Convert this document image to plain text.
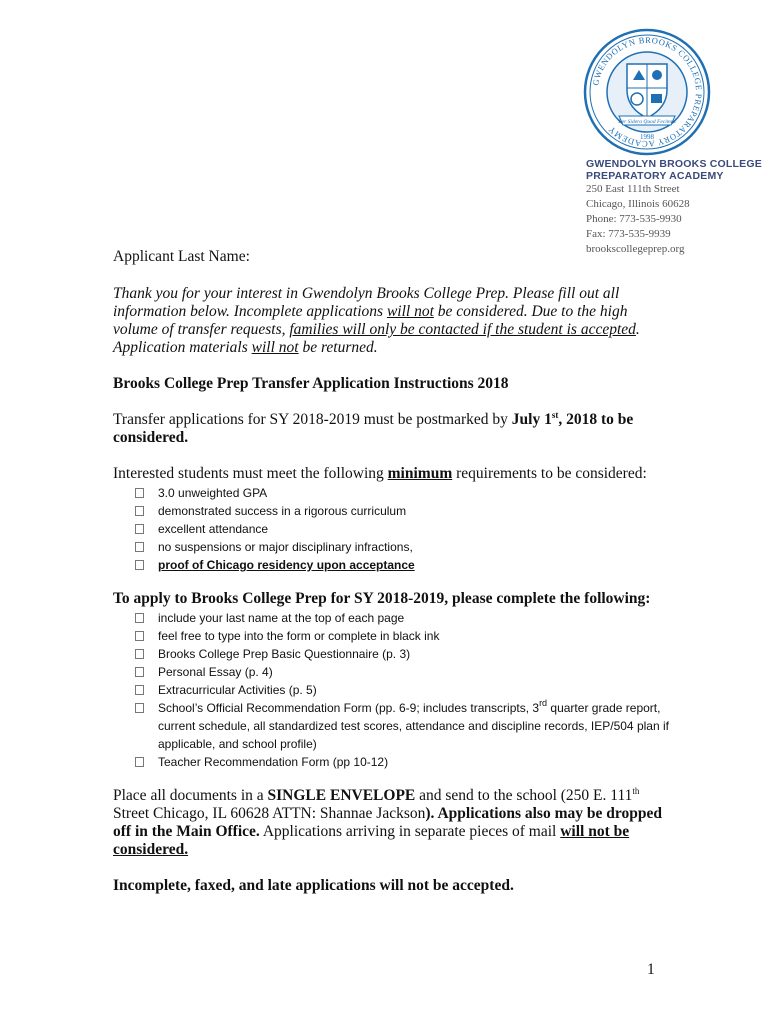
GWENDOLYN BROOKS COLLEGE PREPARATORY ACADEMY
Per Sidera Quod Fecimus
1998
GWENDOLYN BROOKS COLLEGE
PREPARATORY ACADEMY
250 East 111th Street
Chicago, Illinois 60628
Phone: 773-535-9930
Fax: 773-535-9939
brookscollegeprep.org

Applicant Last Name:

Thank you for your interest in Gwendolyn Brooks College Prep. Please fill out all information below. Incomplete applications will not be considered. Due to the high volume of transfer requests, families will only be contacted if the student is accepted. Application materials will not be returned.

Brooks College Prep Transfer Application Instructions 2018

Transfer applications for SY 2018-2019 must be postmarked by July 1st, 2018 to be considered.

Interested students must meet the following minimum requirements to be considered:

3.0 unweighted GPA
demonstrated success in a rigorous curriculum
excellent attendance
no suspensions or major disciplinary infractions,
proof of Chicago residency upon acceptance
To apply to Brooks College Prep for SY 2018-2019, please complete the following:
include your last name at the top of each page
feel free to type into the form or complete in black ink
Brooks College Prep Basic Questionnaire (p. 3)
Personal Essay (p. 4)
Extracurricular Activities (p. 5)
School’s Official Recommendation Form (pp. 6-9; includes transcripts, 3rd quarter grade report, current schedule, all standardized test scores, attendance and discipline records, IEP/504 plan if applicable, and school profile)
Teacher Recommendation Form (pp 10-12)

Place all documents in a SINGLE ENVELOPE and send to the school (250 E. 111th Street Chicago, IL 60628 ATTN: Shannae Jackson). Applications also may be dropped off in the Main Office. Applications arriving in separate pieces of mail will not be considered.

Incomplete, faxed, and late applications will not be accepted.

1
